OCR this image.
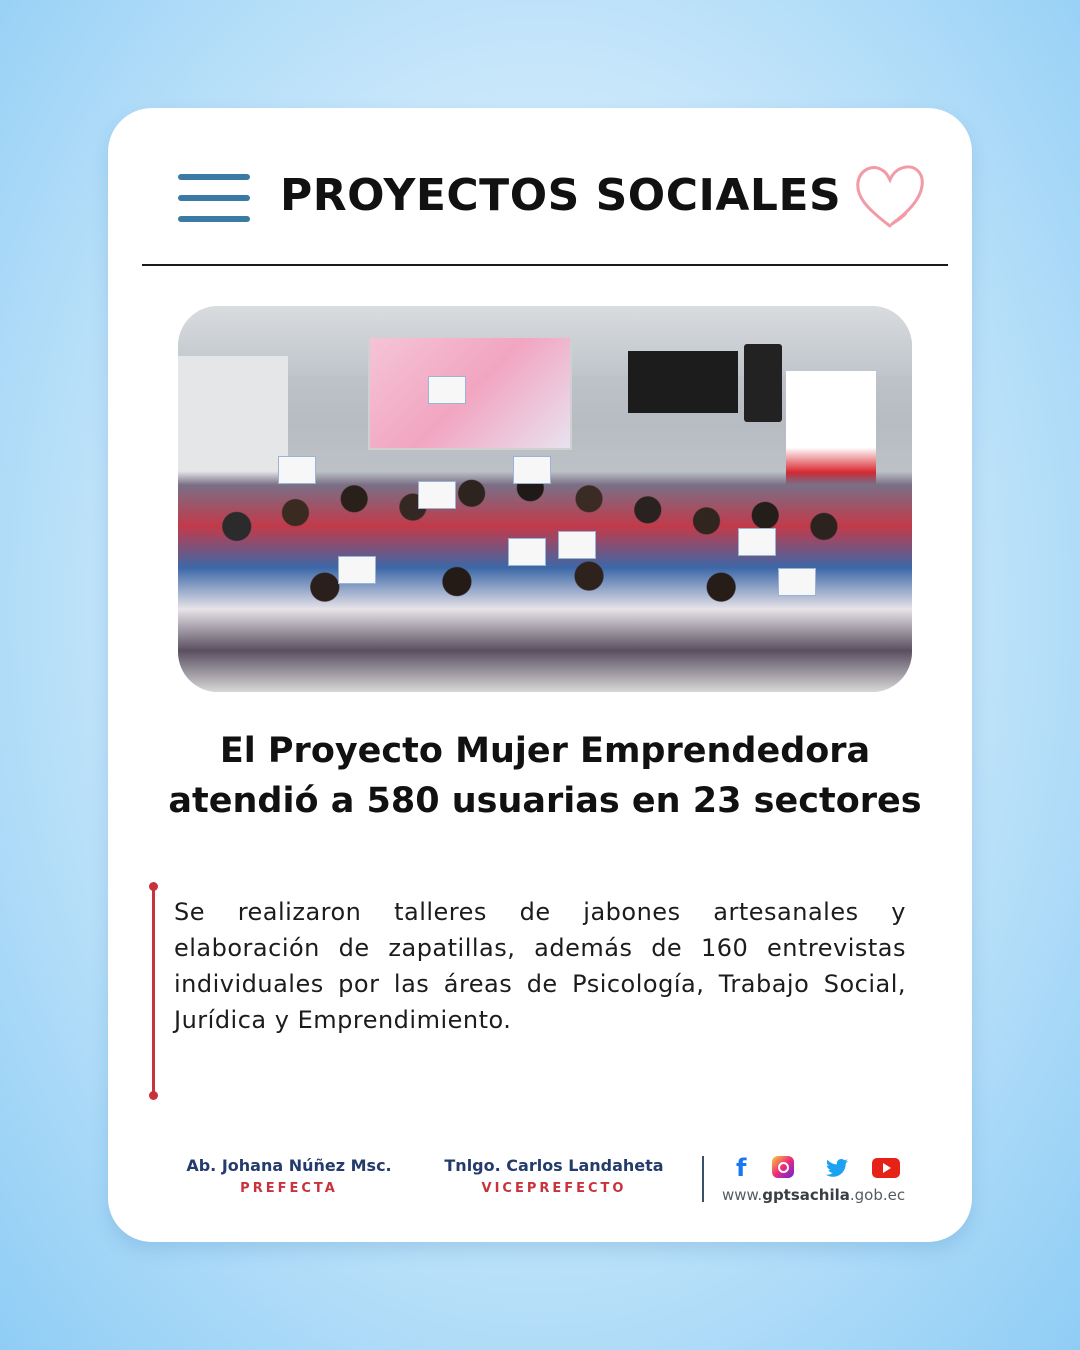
PROYECTOS SOCIALES
El Proyecto Mujer Emprendedora atendió a 580 usuarias en 23 sectores
Se realizaron talleres de jabones artesanales y elaboración de zapatillas, además de 160 entrevistas individuales por las áreas de Psicología, Trabajo Social, Jurídica y Emprendimiento.
Ab. Johana Núñez Msc.
PREFECTA
Tnlgo. Carlos Landaheta
VICEPREFECTO
f
www.gptsachila.gob.ec
